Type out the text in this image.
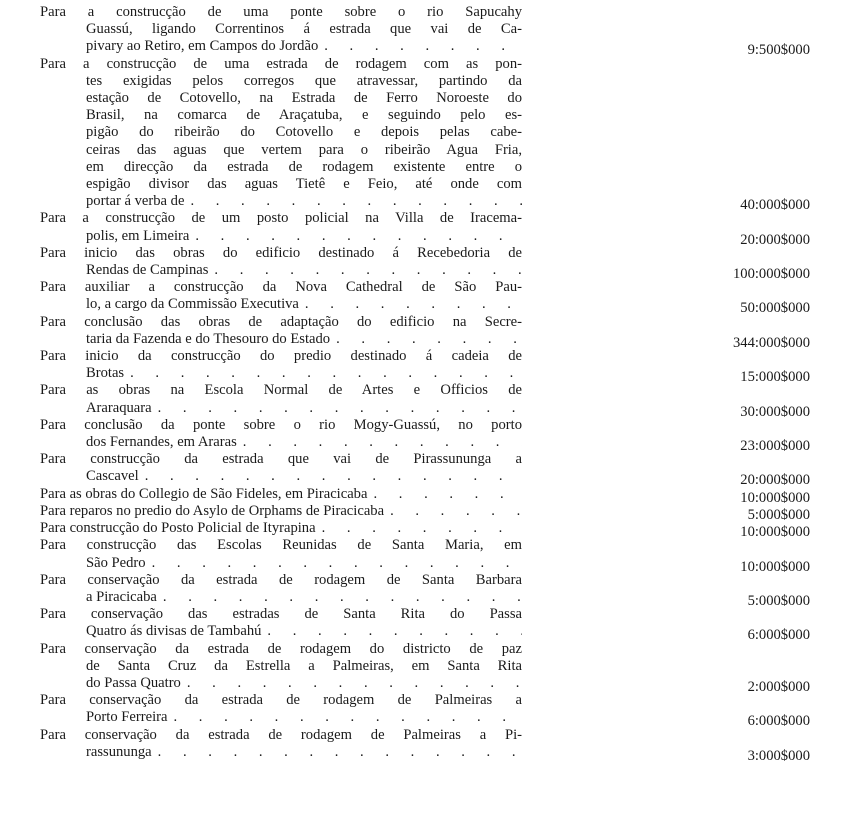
Para a construcção de uma ponte sobre o rio Sapucahy
Guassú, ligando Correntinos á estrada que vai de Ca-
pivary ao Retiro, em Campos do Jordão . . .	9:500$000
Para a construcção de uma estrada de rodagem com as pon-
tes exigidas pelos corregos que atravessar, partindo da
estação de Cotovello, na Estrada de Ferro Noroeste do
Brasil, na comarca de Araçatuba, e seguindo pelo es-
pigão do ribeirão do Cotovello e depois pelas cabe-
ceiras das aguas que vertem para o ribeirão Agua Fria,
em direcção da estrada de rodagem existente entre o
espigão divisor das aguas Tietê e Feio, até onde com
portar á verba de . . .	40:000$000
Para a construcção de um posto policial na Villa de Iracema-
polis, em Limeira . . .	20:000$000
Para inicio das obras do edificio destinado á Recebedoria de
Rendas de Campinas . . .	100:000$000
Para auxiliar a construcção da Nova Cathedral de São Pau-
lo, a cargo da Commissão Executiva . . .	50:000$000
Para conclusão das obras de adaptação do edificio na Secre-
taria da Fazenda e do Thesouro do Estado . . .	344:000$000
Para inicio da construcção do predio destinado á cadeia de
Brotas . . .	15:000$000
Para as obras na Escola Normal de Artes e Officios de
Araraquara . . .	30:000$000
Para conclusão da ponte sobre o rio Mogy-Guassú, no porto
dos Fernandes, em Araras . . .	23:000$000
Para construcção da estrada que vai de Pirassununga a
Cascavel . . .	20:000$000
Para as obras do Collegio de São Fideles, em Piracicaba . . .	10:000$000
Para reparos no predio do Asylo de Orphams de Piracicaba . . .	5:000$000
Para construcção do Posto Policial de Ityrapina . . .	10:000$000
Para construcção das Escolas Reunidas de Santa Maria, em
São Pedro . . .	10:000$000
Para conservação da estrada de rodagem de Santa Barbara
a Piracicaba . . .	5:000$000
Para conservação das estradas de Santa Rita do Passa
Quatro ás divisas de Tambahú . . .	6:000$000
Para conservação da estrada de rodagem do districto de paz
de Santa Cruz da Estrella a Palmeiras, em Santa Rita
do Passa Quatro . . .	2:000$000
Para conservação da estrada de rodagem de Palmeiras a
Porto Ferreira . . .	6:000$000
Para conservação da estrada de rodagem de Palmeiras a Pi-
rassununga . . .	3:000$000
